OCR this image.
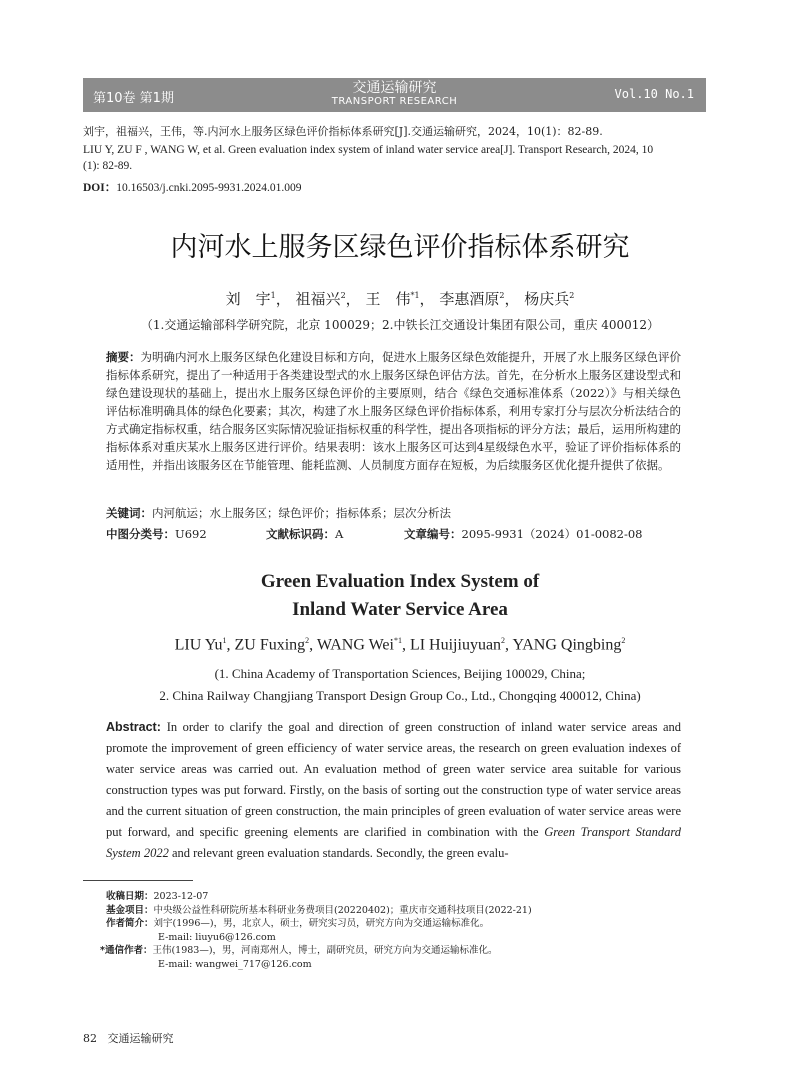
第10卷 第1期
交通运输研究
TRANSPORT RESEARCH
Vol.10 No.1
刘宇，祖福兴，王伟，等.内河水上服务区绿色评价指标体系研究[J].交通运输研究，2024，10(1)：82-89.
LIU Y, ZU F , WANG W, et al. Green evaluation index system of inland water service area[J]. Transport Research, 2024, 10
(1): 82-89.
DOI：10.16503/j.cnki.2095-9931.2024.01.009
内河水上服务区绿色评价指标体系研究
刘　宇$^1$， 祖福兴$^2$， 王　伟$^{*1}$， 李惠酒原$^2$， 杨庆兵$^2$
（1.交通运输部科学研究院，北京 100029；2.中铁长江交通设计集团有限公司，重庆 400012）
摘要：为明确内河水上服务区绿色化建设目标和方向，促进水上服务区绿色效能提升，开展了水上服务区绿色评价指标体系研究，提出了一种适用于各类建设型式的水上服务区绿色评估方法。首先，在分析水上服务区建设型式和绿色建设现状的基础上，提出水上服务区绿色评价的主要原则，结合《绿色交通标准体系（2022）》与相关绿色评估标准明确具体的绿色化要素；其次，构建了水上服务区绿色评价指标体系，利用专家打分与层次分析法结合的方式确定指标权重，结合服务区实际情况验证指标权重的科学性，提出各项指标的评分方法；最后，运用所构建的指标体系对重庆某水上服务区进行评价。结果表明：该水上服务区可达到4星级绿色水平，验证了评价指标体系的适用性，并指出该服务区在节能管理、能耗监测、人员制度方面存在短板，为后续服务区优化提升提供了依据。
关键词：内河航运；水上服务区；绿色评价；指标体系；层次分析法
中图分类号：U692	文献标识码：A	文章编号：2095-9931（2024）01-0082-08
Green Evaluation Index System of
Inland Water Service Area
LIU Yu$^1$, ZU Fuxing$^2$, WANG Wei$^{*1}$, LI Huijiuyuan$^2$, YANG Qingbing$^2$
(1. China Academy of Transportation Sciences, Beijing 100029, China;
2. China Railway Changjiang Transport Design Group Co., Ltd., Chongqing 400012, China)
Abstract: In order to clarify the goal and direction of green construction of inland water service areas and promote the improvement of green efficiency of water service areas, the research on green evaluation indexes of water service areas was carried out. An evaluation method of green water service area suitable for various construction types was put forward. Firstly, on the basis of sorting out the construction type of water service areas and the current situation of green construction, the main principles of green evaluation of water service areas were put forward, and specific greening elements are clarified in combination with the Green Transport Standard System 2022 and relevant green evaluation standards. Secondly, the green evalu-
收稿日期： 2023-12-07
基金项目： 中央级公益性科研院所基本科研业务费项目(20220402)；重庆市交通科技项目(2022-21)
作者简介： 刘宇(1996—)，男，北京人，硕士，研究实习员，研究方向为交通运输标准化。
E-mail: liuyu6@126.com
*通信作者： 王伟(1983—)，男，河南郑州人，博士，副研究员，研究方向为交通运输标准化。
E-mail: wangwei_717@126.com
82 交通运输研究
